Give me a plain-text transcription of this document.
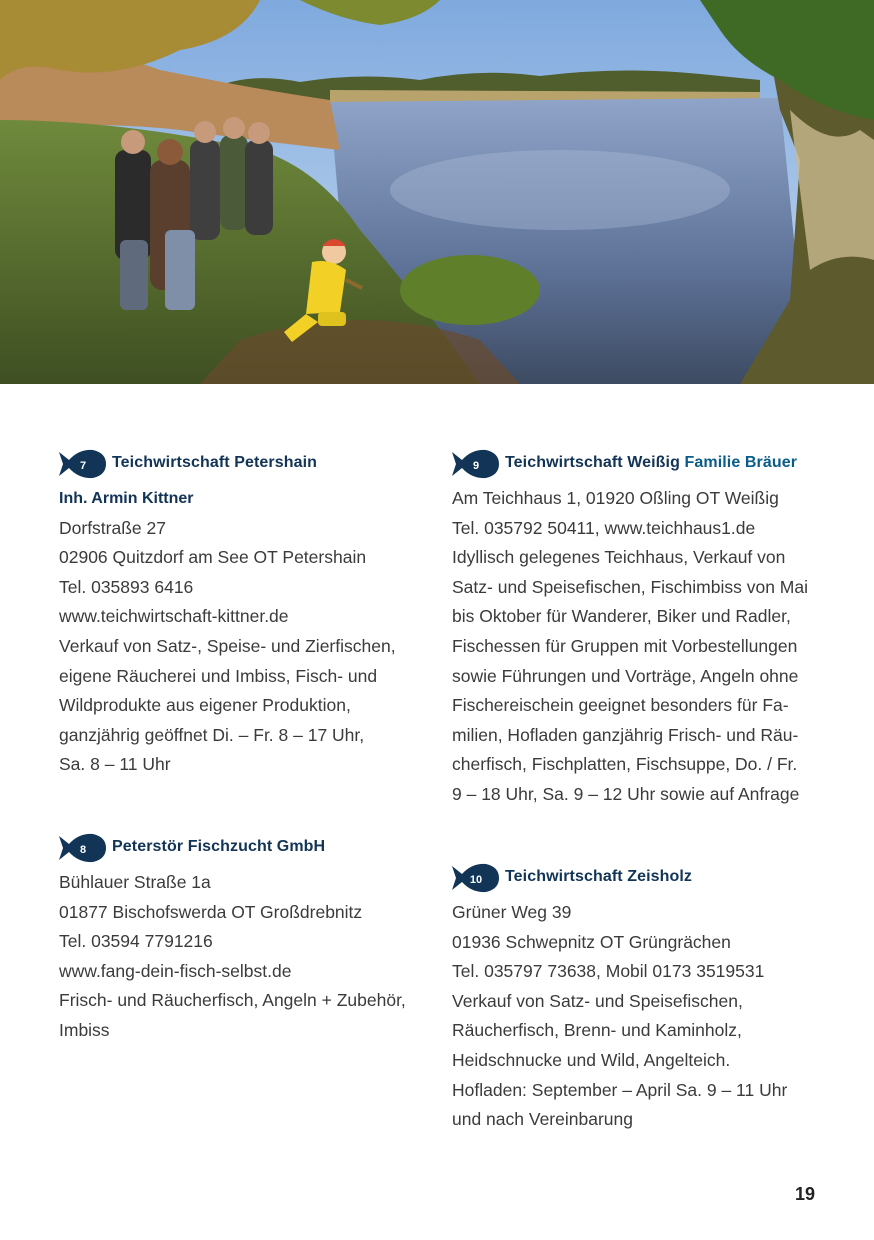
7 Teichwirtschaft Petershain
Inh. Armin Kittner
Dorfstraße 27
02906 Quitzdorf am See OT Petershain
Tel. 035893 6416
www.teichwirtschaft-kittner.de
Verkauf von Satz-, Speise- und Zierfischen,
eigene Räucherei und Imbiss, Fisch- und
Wildprodukte aus eigener Produktion,
ganzjährig geöffnet Di. – Fr. 8 – 17 Uhr,
Sa. 8 – 11 Uhr
8 Peterstör Fischzucht GmbH
Bühlauer Straße 1a
01877 Bischofswerda OT Großdrebnitz
Tel. 03594 7791216
www.fang-dein-fisch-selbst.de
Frisch- und Räucherfisch, Angeln + Zubehör,
Imbiss
9 Teichwirtschaft Weißig Familie Bräuer
Am Teichhaus 1, 01920 Oßling OT Weißig
Tel. 035792 50411, www.teichhaus1.de
Idyllisch gelegenes Teichhaus, Verkauf von
Satz- und Speisefischen, Fischimbiss von Mai
bis Oktober für Wanderer, Biker und Radler,
Fischessen für Gruppen mit Vorbestellungen
sowie Führungen und Vorträge, Angeln ohne
Fischereischein geeignet besonders für Fa-
milien, Hofladen ganzjährig Frisch- und Räu-
cherfisch, Fischplatten, Fischsuppe, Do. / Fr.
9 – 18 Uhr, Sa. 9 – 12 Uhr sowie auf Anfrage
10 Teichwirtschaft Zeisholz
Grüner Weg 39
01936 Schwepnitz OT Grüngrächen
Tel. 035797 73638, Mobil 0173 3519531
Verkauf von Satz- und Speisefischen,
Räucherfisch, Brenn- und Kaminholz,
Heidschnucke und Wild, Angelteich.
Hofladen: September – April Sa. 9 – 11 Uhr
und nach Vereinbarung
19
